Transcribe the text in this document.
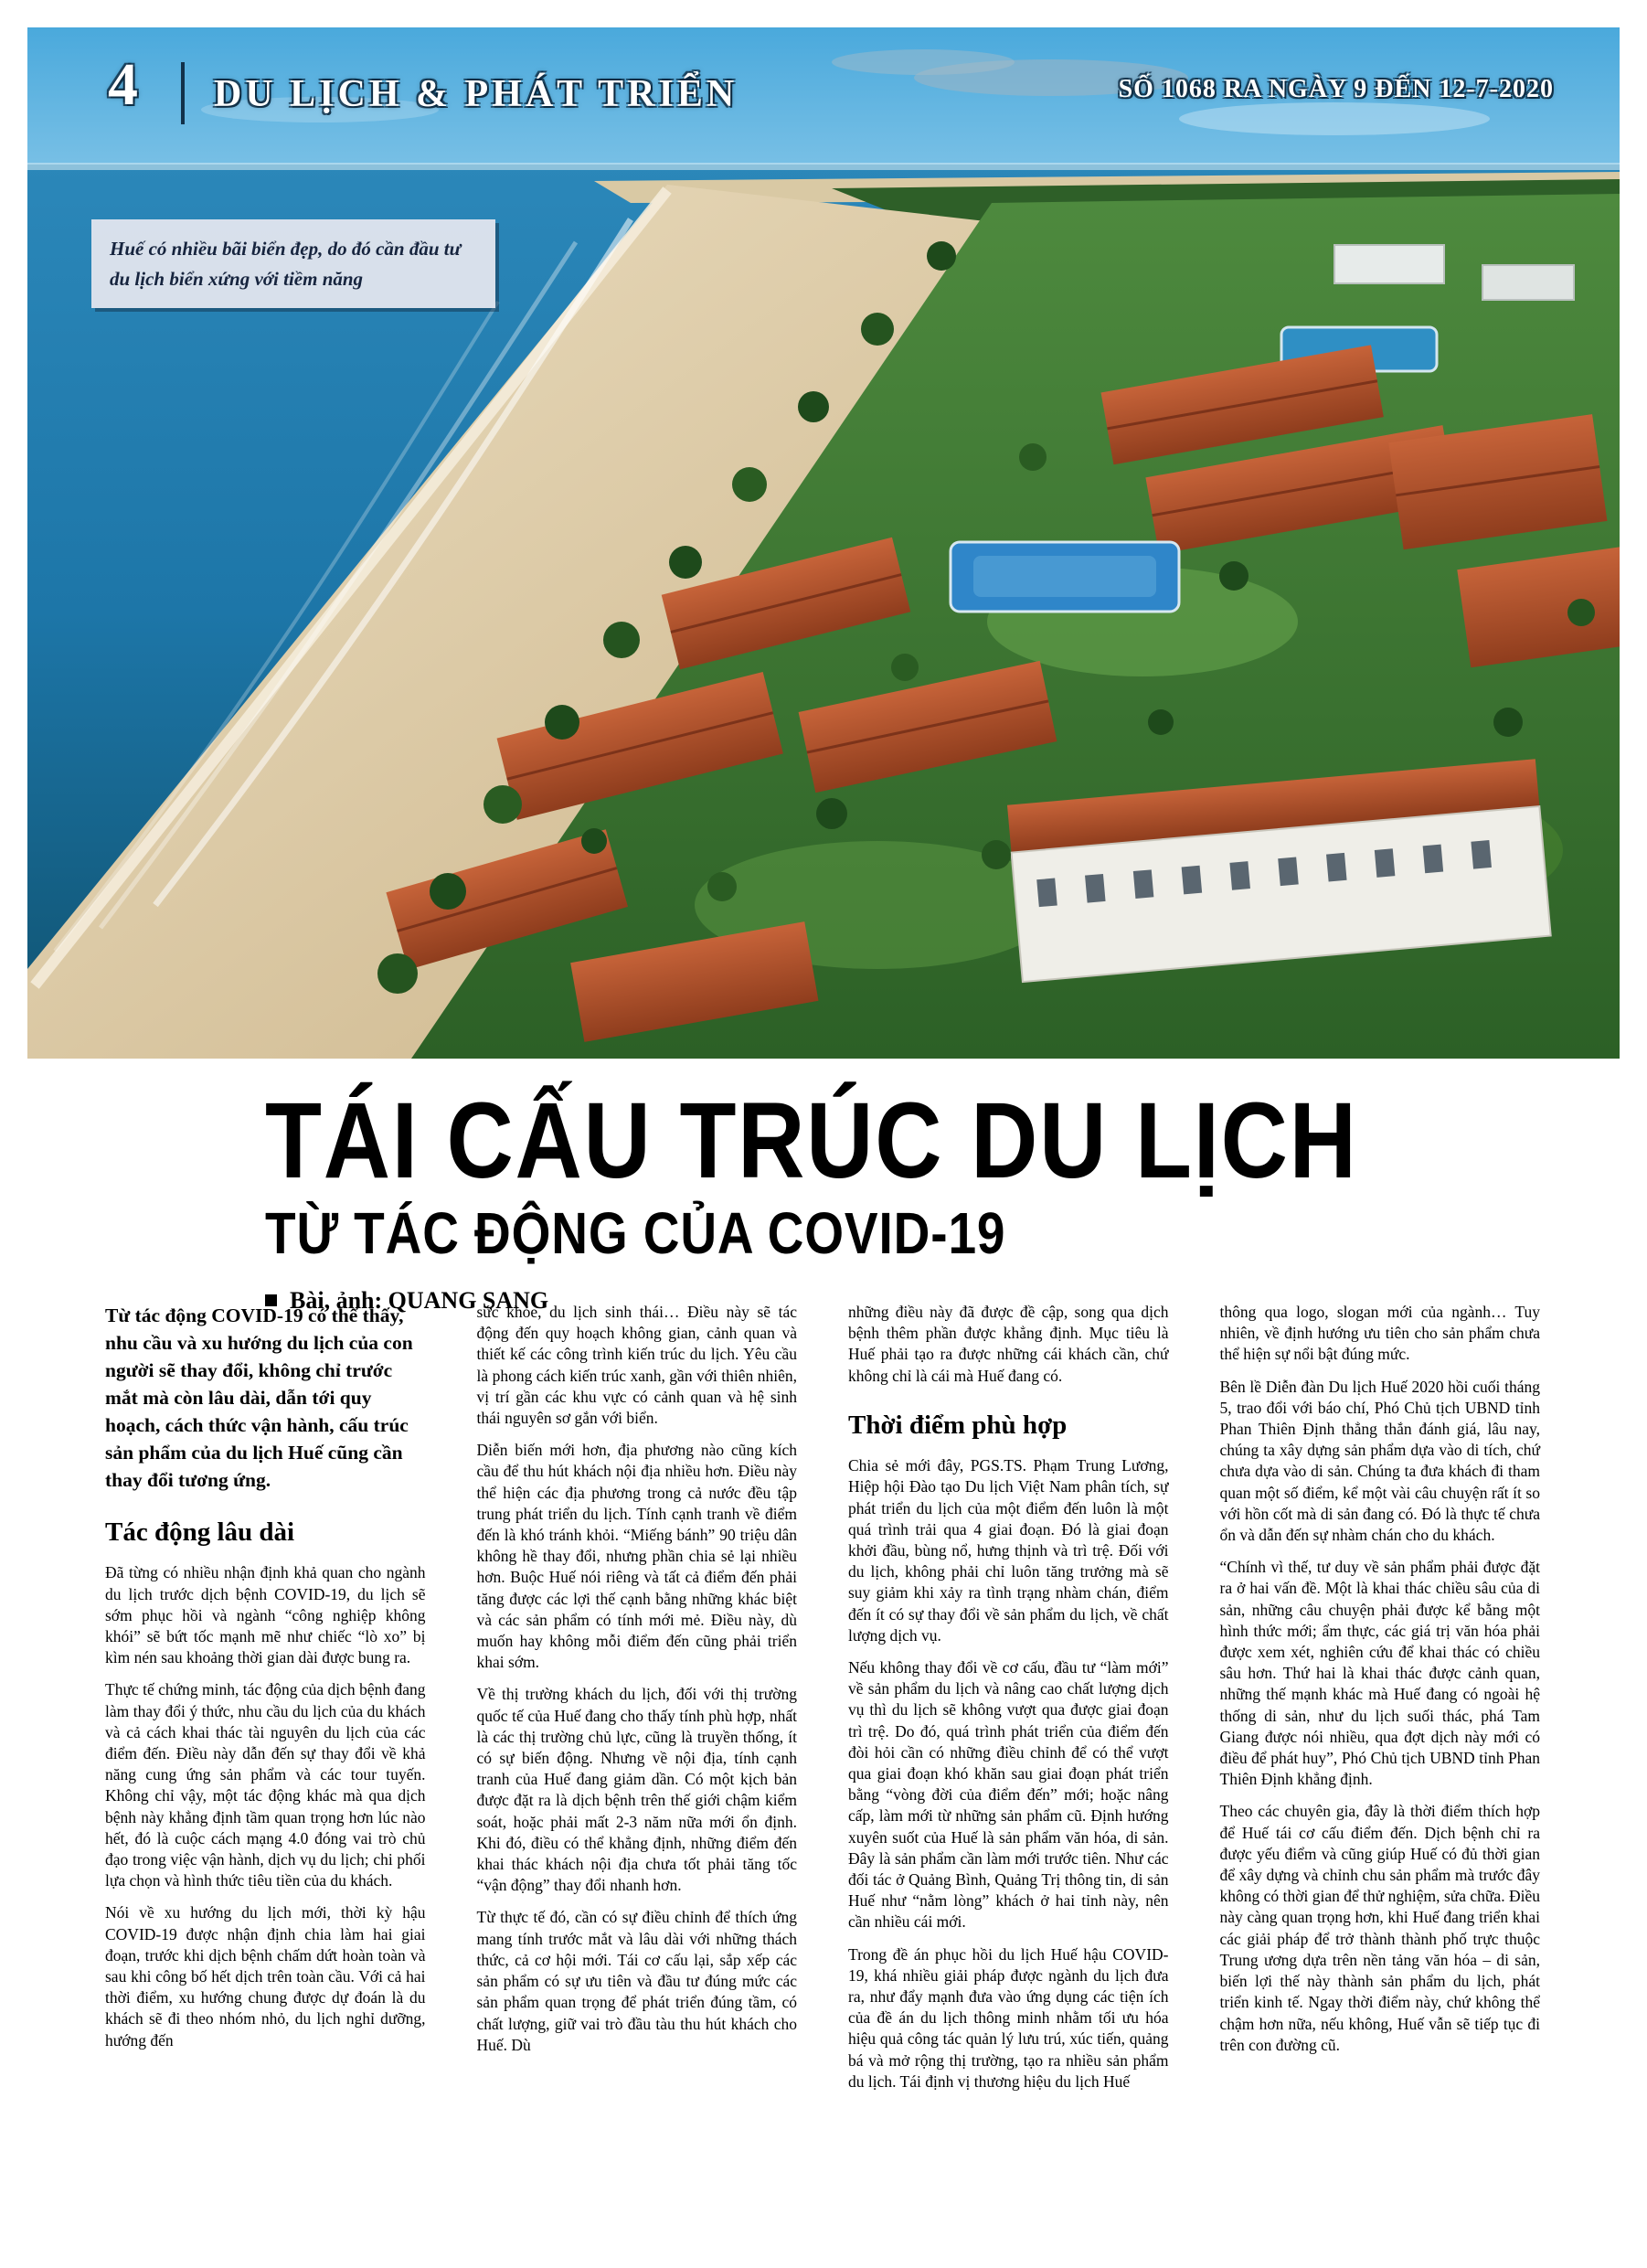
4 DU LỊCH & PHÁT TRIỂN	SỐ 1068 RA NGÀY 9 ĐẾN 12-7-2020
Huế có nhiều bãi biển đẹp, do đó cần đầu tư du lịch biển xứng với tiềm năng
TÁI CẤU TRÚC DU LỊCH
TỪ TÁC ĐỘNG CỦA COVID-19
Bài, ảnh: QUANG SANG

Từ tác động COVID-19 có thể thấy, nhu cầu và xu hướng du lịch của con người sẽ thay đổi, không chỉ trước mắt mà còn lâu dài, dẫn tới quy hoạch, cách thức vận hành, cấu trúc sản phẩm của du lịch Huế cũng cần thay đổi tương ứng.

Tác động lâu dài

Đã từng có nhiều nhận định khả quan cho ngành du lịch trước dịch bệnh COVID-19, du lịch sẽ sớm phục hồi và ngành “công nghiệp không khói” sẽ bứt tốc mạnh mẽ như chiếc “lò xo” bị kìm nén sau khoảng thời gian dài được bung ra.

Thực tế chứng minh, tác động của dịch bệnh đang làm thay đổi ý thức, nhu cầu du lịch của du khách và cả cách khai thác tài nguyên du lịch của các điểm đến. Điều này dẫn đến sự thay đổi về khả năng cung ứng sản phẩm và các tour tuyến. Không chỉ vậy, một tác động khác mà qua dịch bệnh này khẳng định tầm quan trọng hơn lúc nào hết, đó là cuộc cách mạng 4.0 đóng vai trò chủ đạo trong việc vận hành, dịch vụ du lịch; chi phối lựa chọn và hình thức tiêu tiền của du khách.

Nói về xu hướng du lịch mới, thời kỳ hậu COVID-19 được nhận định chia làm hai giai đoạn, trước khi dịch bệnh chấm dứt hoàn toàn và sau khi công bố hết dịch trên toàn cầu. Với cả hai thời điểm, xu hướng chung được dự đoán là du khách sẽ đi theo nhóm nhỏ, du lịch nghỉ dưỡng, hướng đến

sức khỏe, du lịch sinh thái… Điều này sẽ tác động đến quy hoạch không gian, cảnh quan và thiết kế các công trình kiến trúc du lịch. Yêu cầu là phong cách kiến trúc xanh, gần với thiên nhiên, vị trí gần các khu vực có cảnh quan và hệ sinh thái nguyên sơ gắn với biển.

Diễn biến mới hơn, địa phương nào cũng kích cầu để thu hút khách nội địa nhiều hơn. Điều này thể hiện các địa phương trong cả nước đều tập trung phát triển du lịch. Tính cạnh tranh về điểm đến là khó tránh khỏi. “Miếng bánh” 90 triệu dân không hề thay đổi, nhưng phần chia sẻ lại nhiều hơn. Buộc Huế nói riêng và tất cả điểm đến phải tăng được các lợi thế cạnh bằng những khác biệt và các sản phẩm có tính mới mẻ. Điều này, dù muốn hay không mỗi điểm đến cũng phải triển khai sớm.

Về thị trường khách du lịch, đối với thị trường quốc tế của Huế đang cho thấy tính phù hợp, nhất là các thị trường chủ lực, cũng là truyền thống, ít có sự biến động. Nhưng về nội địa, tính cạnh tranh của Huế đang giảm dần. Có một kịch bản được đặt ra là dịch bệnh trên thế giới chậm kiểm soát, hoặc phải mất 2-3 năm nữa mới ổn định. Khi đó, điều có thể khẳng định, những điểm đến khai thác khách nội địa chưa tốt phải tăng tốc “vận động” thay đổi nhanh hơn.

Từ thực tế đó, cần có sự điều chỉnh để thích ứng mang tính trước mắt và lâu dài với những thách thức, cả cơ hội mới. Tái cơ cấu lại, sắp xếp các sản phẩm có sự ưu tiên và đầu tư đúng mức các sản phẩm quan trọng để phát triển đúng tầm, có chất lượng, giữ vai trò đầu tàu thu hút khách cho Huế. Dù

những điều này đã được đề cập, song qua dịch bệnh thêm phần được khẳng định. Mục tiêu là Huế phải tạo ra được những cái khách cần, chứ không chỉ là cái mà Huế đang có.

Thời điểm phù hợp

Chia sẻ mới đây, PGS.TS. Phạm Trung Lương, Hiệp hội Đào tạo Du lịch Việt Nam phân tích, sự phát triển du lịch của một điểm đến luôn là một quá trình trải qua 4 giai đoạn. Đó là giai đoạn khởi đầu, bùng nổ, hưng thịnh và trì trệ. Đối với du lịch, không phải chỉ luôn tăng trưởng mà sẽ suy giảm khi xảy ra tình trạng nhàm chán, điểm đến ít có sự thay đổi về sản phẩm du lịch, về chất lượng dịch vụ.

Nếu không thay đổi về cơ cấu, đầu tư “làm mới” về sản phẩm du lịch và nâng cao chất lượng dịch vụ thì du lịch sẽ không vượt qua được giai đoạn trì trệ. Do đó, quá trình phát triển của điểm đến đòi hỏi cần có những điều chỉnh để có thể vượt qua giai đoạn khó khăn sau giai đoạn phát triển bằng “vòng đời của điểm đến” mới; hoặc nâng cấp, làm mới từ những sản phẩm cũ. Định hướng xuyên suốt của Huế là sản phẩm văn hóa, di sản. Đây là sản phẩm cần làm mới trước tiên. Như các đối tác ở Quảng Bình, Quảng Trị thông tin, di sản Huế như “nằm lòng” khách ở hai tỉnh này, nên cần nhiều cái mới.

Trong đề án phục hồi du lịch Huế hậu COVID-19, khá nhiều giải pháp được ngành du lịch đưa ra, như đẩy mạnh đưa vào ứng dụng các tiện ích của đề án du lịch thông minh nhằm tối ưu hóa hiệu quả công tác quản lý lưu trú, xúc tiến, quảng bá và mở rộng thị trường, tạo ra nhiều sản phẩm du lịch. Tái định vị thương hiệu du lịch Huế

thông qua logo, slogan mới của ngành… Tuy nhiên, về định hướng ưu tiên cho sản phẩm chưa thể hiện sự nổi bật đúng mức.

Bên lề Diễn đàn Du lịch Huế 2020 hồi cuối tháng 5, trao đổi với báo chí, Phó Chủ tịch UBND tỉnh Phan Thiên Định thẳng thắn đánh giá, lâu nay, chúng ta xây dựng sản phẩm dựa vào di tích, chứ chưa dựa vào di sản. Chúng ta đưa khách đi tham quan một số điểm, kể một vài câu chuyện rất ít so với hồn cốt mà di sản đang có. Đó là thực tế chưa ổn và dẫn đến sự nhàm chán cho du khách.

“Chính vì thế, tư duy về sản phẩm phải được đặt ra ở hai vấn đề. Một là khai thác chiều sâu của di sản, những câu chuyện phải được kể bằng một hình thức mới; ẩm thực, các giá trị văn hóa phải được xem xét, nghiên cứu để khai thác có chiều sâu hơn. Thứ hai là khai thác được cảnh quan, những thế mạnh khác mà Huế đang có ngoài hệ thống di sản, như du lịch suối thác, phá Tam Giang được nói nhiều, qua đợt dịch này mới có điều để phát huy”, Phó Chủ tịch UBND tỉnh Phan Thiên Định khẳng định.

Theo các chuyên gia, đây là thời điểm thích hợp để Huế tái cơ cấu điểm đến. Dịch bệnh chỉ ra được yếu điểm và cũng giúp Huế có đủ thời gian để xây dựng và chỉnh chu sản phẩm mà trước đây không có thời gian để thử nghiệm, sửa chữa. Điều này càng quan trọng hơn, khi Huế đang triển khai các giải pháp để trở thành thành phố trực thuộc Trung ương dựa trên nền tảng văn hóa – di sản, biến lợi thế này thành sản phẩm du lịch, phát triển kinh tế. Ngay thời điểm này, chứ không thể chậm hơn nữa, nếu không, Huế vẫn sẽ tiếp tục đi trên con đường cũ.
